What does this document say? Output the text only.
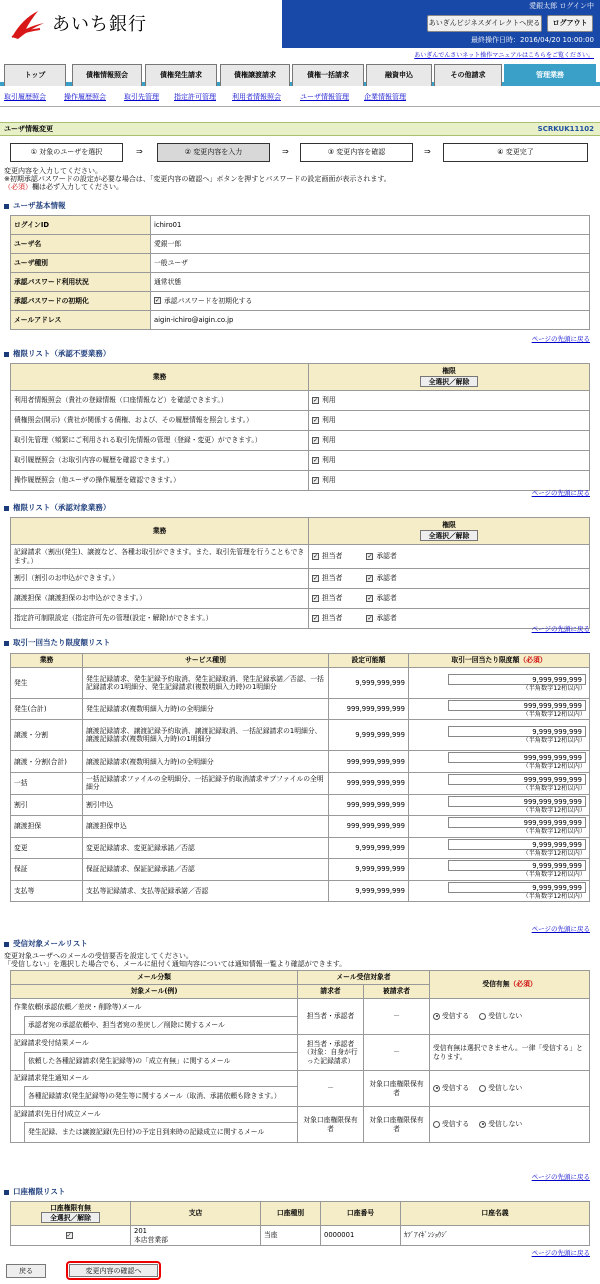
あいち銀行
愛銀太郎 ログイン中
あいぎんビジネスダイレクトへ戻る	ログアウト
最終操作日時：2016/04/20 10:00:00
あいぎんでんさいネット操作マニュアルはこちらをご覧ください。
トップ	債権情報照会	債権発生請求	債権譲渡請求	債権一括請求	融資申込	その他請求	管理業務
取引履歴照会	操作履歴照会	取引先管理 指定許可管理 利用者情報照会	ユーザ情報管理 企業情報管理
ユーザ情報変更	SCRKUK11102
① 対象のユーザを選択	⇒	② 変更内容を入力	⇒	③ 変更内容を確認	⇒	④ 変更完了
変更内容を入力してください。
※初期承認パスワードの設定が必要な場合は、「変更内容の確認へ」ボタンを押すとパスワードの設定画面が表示されます。
（必須）欄は必ず入力してください。
ユーザ基本情報
ログインID	ichiro01
ユーザ名	愛銀一郎
ユーザ種別	一般ユーザ
承認パスワード利用状況	通常状態
承認パスワードの初期化	✓ 承認パスワードを初期化する
メールアドレス	aigin-ichiro@aigin.co.jp
ページの先頭に戻る
権限リスト（承認不要業務）
業務	権限
全選択／解除
利用者情報照会（貴社の登録情報（口座情報など）を確認できます。）	✓ 利用
債権照会(開示)（貴社が関係する債権、および、その履歴情報を照会します。）	✓ 利用
取引先管理（頻繁にご利用される取引先情報の管理（登録・変更）ができます。）	✓ 利用
取引履歴照会（お取引内容の履歴を確認できます。）	✓ 利用
操作履歴照会（他ユーザの操作履歴を確認できます。）	✓ 利用
ページの先頭に戻る
権限リスト（承認対象業務）
業務	権限
全選択／解除
記録請求（割出(発生)、譲渡など、各種お取引ができます。また、取引先管理を行うこともできます。）	✓ 担当者 ✓ 承認者
割引（割引のお申込ができます。）	✓ 担当者 ✓ 承認者
譲渡担保（譲渡担保のお申込ができます。）	✓ 担当者 ✓ 承認者
指定許可制限設定（指定許可先の管理(設定・解除)ができます。）	✓ 担当者 ✓ 承認者
ページの先頭に戻る
取引一回当たり限度額リスト
業務	サービス種別	設定可能額	取引一回当たり限度額（必須）
発生	発生記録請求、発生記録予約取消、発生記録取消、発生記録承諾／否認、一括記録請求の1明細分、発生記録請求(複数明細入力時)の1明細分	9,999,999,999	9,999,999,999
（半角数字12桁以内）

発生(合計)	発生記録請求(複数明細入力時)の全明細分	999,999,999,999	999,999,999,999
（半角数字12桁以内）

譲渡・分割	譲渡記録請求、譲渡記録予約取消、譲渡記録取消、一括記録請求の1明細分、譲渡記録請求(複数明細入力時)の1明細分	9,999,999,999	9,999,999,999
（半角数字12桁以内）

譲渡・分割(合計)	譲渡記録請求(複数明細入力時)の全明細分	999,999,999,999	999,999,999,999
（半角数字12桁以内）

一括	一括記録請求ファイルの全明細分、一括記録予約取消請求サブファイルの全明細分	999,999,999,999	999,999,999,999
（半角数字12桁以内）

割引	割引申込	999,999,999,999	999,999,999,999
（半角数字12桁以内）

譲渡担保	譲渡担保申込	999,999,999,999	999,999,999,999
（半角数字12桁以内）

変更	変更記録請求、変更記録承諾／否認	9,999,999,999	9,999,999,999
（半角数字12桁以内）

保証	保証記録請求、保証記録承諾／否認	9,999,999,999	9,999,999,999
（半角数字12桁以内）

支払等	支払等記録請求、支払等記録承諾／否認	9,999,999,999	9,999,999,999
（半角数字12桁以内）
ページの先頭に戻る
受信対象メールリスト
変更対象ユーザへのメールの受信要否を設定してください。
「受信しない」を選択した場合でも、メールに紐付く通知内容については通知情報一覧より確認ができます。
メール分類		メール受信対象者		受信有無（必須）
対象メール(例)		請求者	被請求者	
作業依頼(承認依頼／差戻・削除等)メール		担当者・承認者	－	受信する 受信しない
	承認者宛の承認依頼や、担当者宛の差戻し／削除に関するメール			
記録請求受付結果メール		担当者・承認者（対象：自身が行った記録請求）	－	受信有無は選択できません。一律「受信する」となります。
	依頼した各種記録請求(発生記録等)の「成立有無」に関するメール			
記録請求発生通知メール		－	対象口座権限保有者	受信する 受信しない
	各種記録請求(発生記録等)の発生等に関するメール（取消、承諾依頼も除きます。）			
記録請求(先日付)成立メール		対象口座権限保有者	対象口座権限保有者	受信する 受信しない
	発生記録、または譲渡記録(先日付)の予定日到来時の記録成立に関するメール			
ページの先頭に戻る
口座権限リスト
口座権限有無
全選択／解除	支店	口座種別	口座番号	口座名義
✓	201
本店営業部	当座	0000001	ｶﾌﾞｱｲｷﾞﾝｼｮｳｼﾞ
ページの先頭に戻る
戻る	変更内容の確認へ
